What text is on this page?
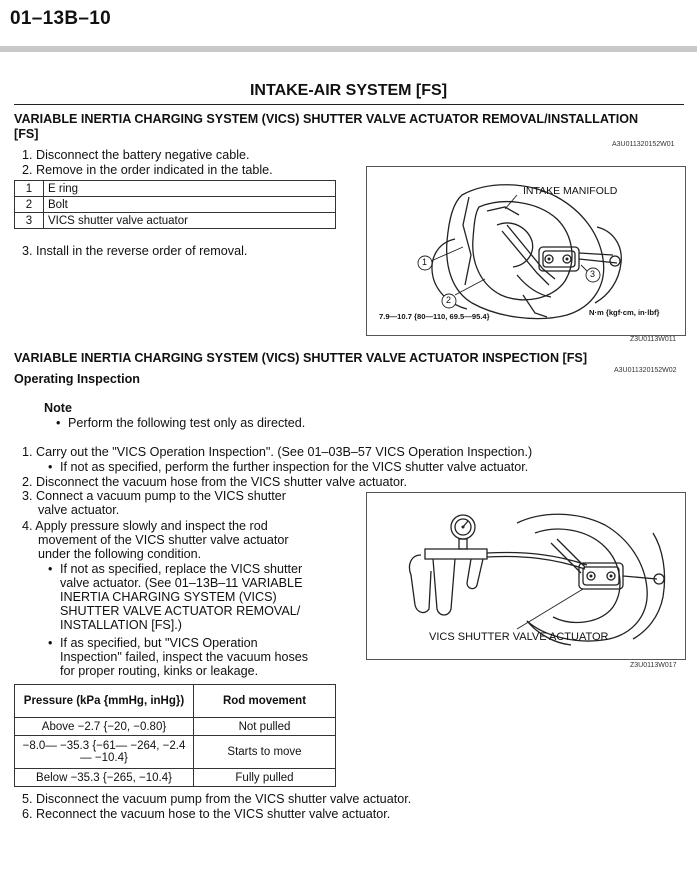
01–13B–10
INTAKE-AIR SYSTEM [FS]
VARIABLE INERTIA CHARGING SYSTEM (VICS) SHUTTER VALVE ACTUATOR REMOVAL/INSTALLATION
[FS]
A3U011320152W01
1. Disconnect the battery negative cable.
2. Remove in the order indicated in the table.
1	E ring
2	Bolt
3	VICS shutter valve actuator
3. Install in the reverse order of removal.
INTAKE MANIFOLD
1
2
3
7.9—10.7 {80—110, 69.5—95.4}	N·m {kgf·cm, in·lbf}
Z3U0113W011
VARIABLE INERTIA CHARGING SYSTEM (VICS) SHUTTER VALVE ACTUATOR INSPECTION [FS]
A3U011320152W02
Operating Inspection
Note
• Perform the following test only as directed.
1. Carry out the "VICS Operation Inspection". (See 01–03B–57 VICS Operation Inspection.)
• If not as specified, perform the further inspection for the VICS shutter valve actuator.
2. Disconnect the vacuum hose from the VICS shutter valve actuator.
3. Connect a vacuum pump to the VICS shutter
valve actuator.
4. Apply pressure slowly and inspect the rod
movement of the VICS shutter valve actuator
under the following condition.
• If not as specified, replace the VICS shutter
valve actuator. (See 01–13B–11 VARIABLE
INERTIA CHARGING SYSTEM (VICS)
SHUTTER VALVE ACTUATOR REMOVAL/
INSTALLATION [FS].)
• If as specified, but "VICS Operation
Inspection" failed, inspect the vacuum hoses
for proper routing, kinks or leakage.
Pressure (kPa {mmHg, inHg})	Rod movement
Above −2.7 {−20, −0.80}	Not pulled
−8.0— −35.3 {−61— −264, −2.4— −10.4}	Starts to move
Below −35.3 {−265, −10.4}	Fully pulled
5. Disconnect the vacuum pump from the VICS shutter valve actuator.
6. Reconnect the vacuum hose to the VICS shutter valve actuator.
VICS SHUTTER VALVE ACTUATOR
Z3U0113W017
